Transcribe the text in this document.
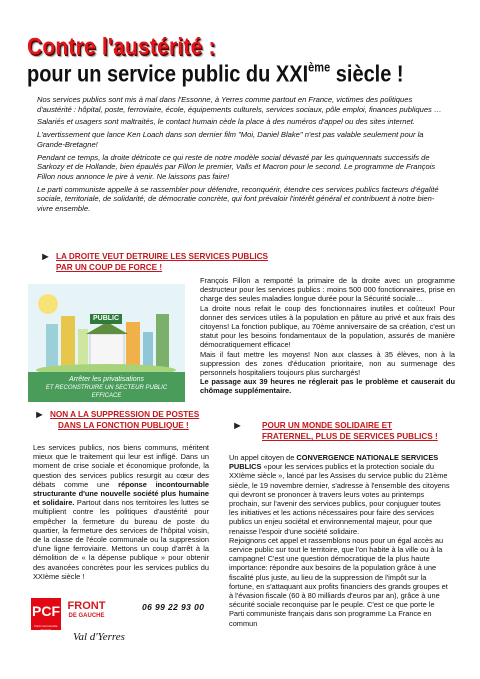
Contre l'austérité :
pour un service public du XXIème siècle !

Nos services publics sont mis à mal dans l'Essonne, à Yerres comme partout en France, victimes des politiques d'austérité : hôpital, poste, ferroviaire, école, équipements culturels, services sociaux, pôle emploi, finances publiques …

Salariés et usagers sont maltraités, le contact humain cède la place à des numéros d'appel ou des sites internet.

L'avertissement que lance Ken Loach dans son dernier film "Moi, Daniel Blake" n'est pas valable seulement pour la Grande-Bretagne!

Pendant ce temps, la droite détricote ce qui reste de notre modèle social dévasté par les quinquennats successifs de Sarkozy et de Hollande, bien épaulés par Fillon le premier, Valls et Macron pour le second. Le programme de François Fillon nous annonce le pire à venir. Ne laissons pas faire!

Le parti communiste appelle à se rassembler pour défendre, reconquérir, étendre ces services publics facteurs d'égalité sociale, territoriale, de solidarité, de démocratie concrète, qui font prévaloir l'intérêt général et contribuent à notre bien-vivre ensemble.

► LA DROITE VEUT DETRUIRE LES SERVICES PUBLICS
PAR UN COUP DE FORCE !
PUBLIC
Arrêter les privatisations
ET RECONSTRUIRE UN SECTEUR PUBLIC EFFICACE

François Fillon a remporté la primaire de la droite avec un programme destructeur pour les services publics : moins 500 000 fonctionnaires, prise en charge des seules maladies longue durée pour la Sécurité sociale…

La droite nous refait le coup des fonctionnaires inutiles et coûteux! Pour donner des services utiles à la population en pâture au privé et aux frais des citoyens! La fonction publique, au 70ème anniversaire de sa création, c'est un statut pour les besoins fondamentaux de la population, assurés de manière démocratiquement efficace!

Mais il faut mettre les moyens! Non aux classes à 35 élèves, non à la suppression des zones d'éducation prioritaire, non au surmenage des personnels hospitaliers toujours plus surchargés!

Le passage aux 39 heures ne réglerait pas le problème et causerait du chômage supplémentaire.

► NON A LA SUPPRESSION DE POSTES
DANS LA FONCTION PUBLIQUE !

Les services publics, nos biens communs, méritent mieux que le traitement qui leur est infligé. Dans un moment de crise sociale et économique profonde, la question des services publics resurgit au cœur des débats comme une réponse incontournable structurante d'une nouvelle société plus humaine et solidaire. Partout dans nos territoires les luttes se multiplient contre les politiques d'austérité pour empêcher la fermeture du bureau de poste du quartier, la fermeture des services de l'hôpital voisin, de la classe de l'école communale ou la suppression d'une ligne ferroviaire. Mettons un coup d'arrêt à la démolition de « la dépense publique » pour obtenir des avancées concrètes pour les services publics du XXIème siècle !

► POUR UN MONDE SOLIDAIRE ET
FRATERNEL, PLUS DE SERVICES PUBLICS !

Un appel citoyen de CONVERGENCE NATIONALE SERVICES PUBLICS «pour les services publics et la protection sociale du XXIème siècle », lancé par les Assises du service public du 21ème siècle, le 19 novembre dernier, s'adresse à l'ensemble des citoyens qui devront se prononcer à travers leurs votes au printemps prochain, sur l'avenir des services publics, pour conjuguer toutes les initiatives et les actions nécessaires pour faire des services publics un enjeu sociétal et environnemental majeur, pour que renaisse l'espoir d'une société solidaire.

Rejoignons cet appel et rassemblons nous pour un égal accès au service public sur tout le territoire, que l'on habite à la ville ou à la campagne! C'est une question démocratique de la plus haute importance: répondre aux besoins de la population grâce à une fiscalité plus juste, au lieu de la suppression de l'impôt sur la fortune, en s'attaquant aux profits financiers des grands groupes et à l'évasion fiscale (60 à 80 milliards d'euros par an), grâce à une sécurité sociale reconquise par le peuple. C'est ce que porte le Parti communiste français dans son programme La France en commun

PCF
Parti communiste français
FRONT
DE GAUCHE
Val d'Yerres
06 99 22 93 00
